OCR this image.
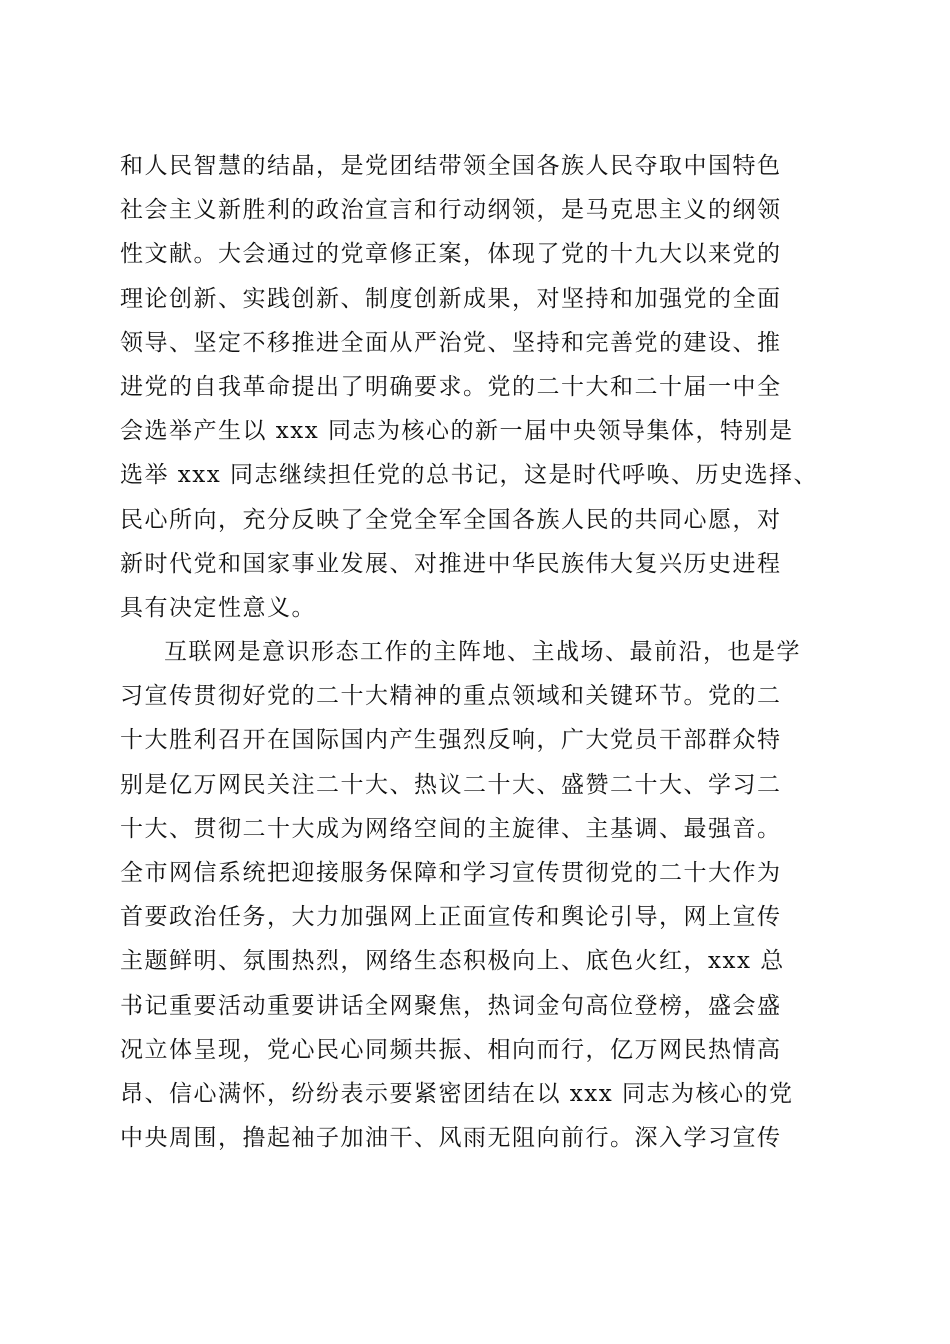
和人民智慧的结晶，是党团结带领全国各族人民夺取中国特色
社会主义新胜利的政治宣言和行动纲领，是马克思主义的纲领
性文献。大会通过的党章修正案，体现了党的十九大以来党的
理论创新、实践创新、制度创新成果，对坚持和加强党的全面
领导、坚定不移推进全面从严治党、坚持和完善党的建设、推
进党的自我革命提出了明确要求。党的二十大和二十届一中全
会选举产生以 xxx 同志为核心的新一届中央领导集体，特别是
选举 xxx 同志继续担任党的总书记，这是时代呼唤、历史选择、
民心所向，充分反映了全党全军全国各族人民的共同心愿，对
新时代党和国家事业发展、对推进中华民族伟大复兴历史进程
具有决定性意义。
互联网是意识形态工作的主阵地、主战场、最前沿，也是学
习宣传贯彻好党的二十大精神的重点领域和关键环节。党的二
十大胜利召开在国际国内产生强烈反响，广大党员干部群众特
别是亿万网民关注二十大、热议二十大、盛赞二十大、学习二
十大、贯彻二十大成为网络空间的主旋律、主基调、最强音。
全市网信系统把迎接服务保障和学习宣传贯彻党的二十大作为
首要政治任务，大力加强网上正面宣传和舆论引导，网上宣传
主题鲜明、氛围热烈，网络生态积极向上、底色火红，xxx 总
书记重要活动重要讲话全网聚焦，热词金句高位登榜，盛会盛
况立体呈现，党心民心同频共振、相向而行，亿万网民热情高
昂、信心满怀，纷纷表示要紧密团结在以 xxx 同志为核心的党
中央周围，撸起袖子加油干、风雨无阻向前行。深入学习宣传
